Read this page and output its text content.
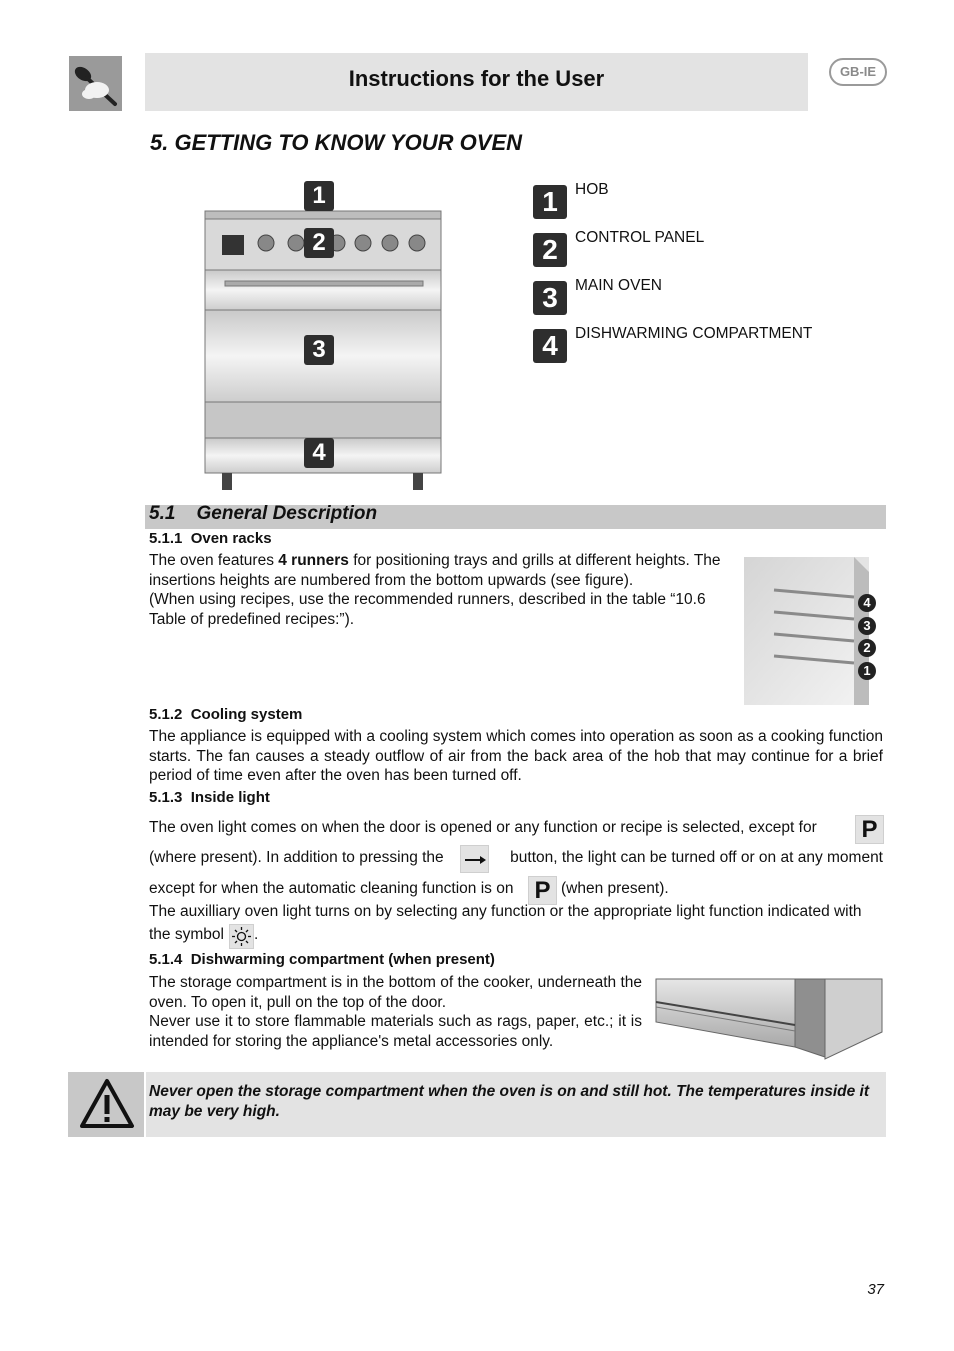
Instructions for the User	GB-IE
5. GETTING TO KNOW YOUR OVEN
1
2
3
4
1	HOB
2	CONTROL PANEL
3	MAIN OVEN
4	DISHWARMING COMPARTMENT
5.1    General Description
5.1.1  Oven racks
The oven features 4 runners for positioning trays and grills at different heights. The insertions heights are numbered from the bottom upwards (see figure).
(When using recipes, use the recommended runners, described in the table “10.6 Table of predefined recipes:”).
4
3
2
1
5.1.2  Cooling system
The appliance is equipped with a cooling system which comes into operation as soon as a cooking function starts. The fan causes a steady outflow of air from the back area of the hob that may continue for a brief period of time even after the oven has been turned off.
5.1.3  Inside light
The oven light comes on when the door is opened or any function or recipe is selected, except for	P
(where present). In addition to pressing the	button, the light can be turned off or on at any moment
except for when the automatic cleaning function is on P (when present).
The auxilliary oven light turns on by selecting any function or the appropriate light function indicated with
the symbol .
5.1.4  Dishwarming compartment (when present)
The storage compartment is in the bottom of the cooker, underneath the oven. To open it, pull on the top of the door.
Never use it to store flammable materials such as rags, paper, etc.; it is intended for storing the appliance's metal accessories only.
Never open the storage compartment when the oven is on and still hot. The temperatures inside it may be very high.
37
